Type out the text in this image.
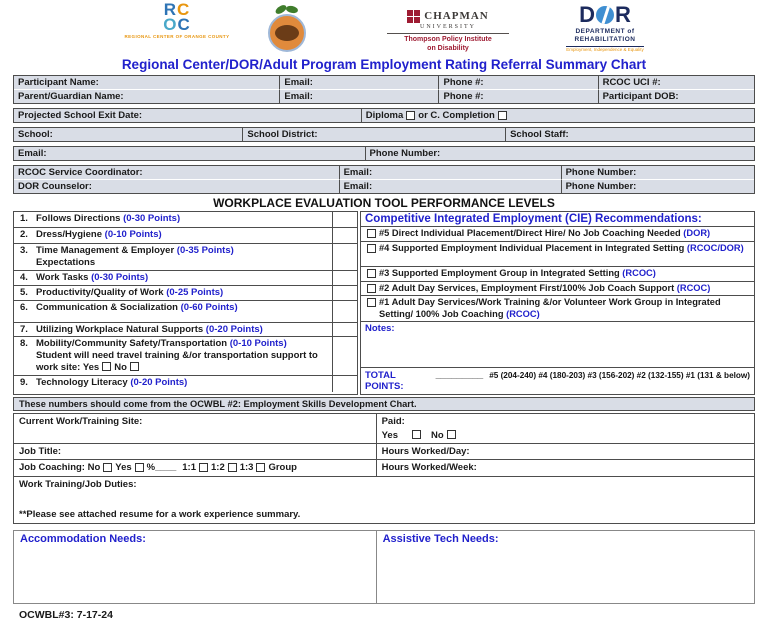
RC
OC
REGIONAL CENTER OF ORANGE COUNTY
CHAPMAN
UNIVERSITY
Thompson Policy Institute
on Disability
D R
DEPARTMENT of
REHABILITATION
Employment, Independence & Equality
Regional Center/DOR/Adult Program Employment Rating Referral Summary Chart
Participant Name:	Email:	Phone #:	RCOC UCI #:
Parent/Guardian Name:	Email:	Phone #:	Participant DOB:
Projected School Exit Date:	Diploma or C. Completion
School:	School District:	School Staff:
Email:	Phone Number:
RCOC Service Coordinator:	Email:	Phone Number:
DOR Counselor:	Email:	Phone Number:
WORKPLACE EVALUATION TOOL PERFORMANCE LEVELS
1. Follows Directions (0-30 Points)
2. Dress/Hygiene (0-10 Points)
3. Time Management & Employer (0-35 Points)
Expectations
4. Work Tasks (0-30 Points)
5. Productivity/Quality of Work (0-25 Points)
6. Communication & Socialization (0-60 Points)
7. Utilizing Workplace Natural Supports (0-20 Points)
8. Mobility/Community Safety/Transportation (0-10 Points)
Student will need travel training &/or transportation support to
work site: Yes No
9. Technology Literacy (0-20 Points)
Competitive Integrated Employment (CIE) Recommendations:
#5 Direct Individual Placement/Direct Hire/ No Job Coaching Needed (DOR)
#4 Supported Employment Individual Placement in Integrated Setting (RCOC/DOR)
#3 Supported Employment Group in Integrated Setting (RCOC)
#2 Adult Day Services, Employment First/100% Job Coach Support (RCOC)
#1 Adult Day Services/Work Training &/or Volunteer Work Group in Integrated Setting/ 100% Job Coaching (RCOC)
Notes:
TOTAL POINTS:
_________ #5 (204-240) #4 (180-203) #3 (156-202) #2 (132-155) #1 (131 & below)
These numbers should come from the OCWBL #2: Employment Skills Development Chart.
Current Work/Training Site:	Paid:
Yes	No
Job Title:	Hours Worked/Day:
Job Coaching: No Yes % ____ 1:1 1:2 1:3 Group	Hours Worked/Week:
Work Training/Job Duties:
**Please see attached resume for a work experience summary.
Accommodation Needs:	Assistive Tech Needs:
OCWBL#3: 7-17-24
